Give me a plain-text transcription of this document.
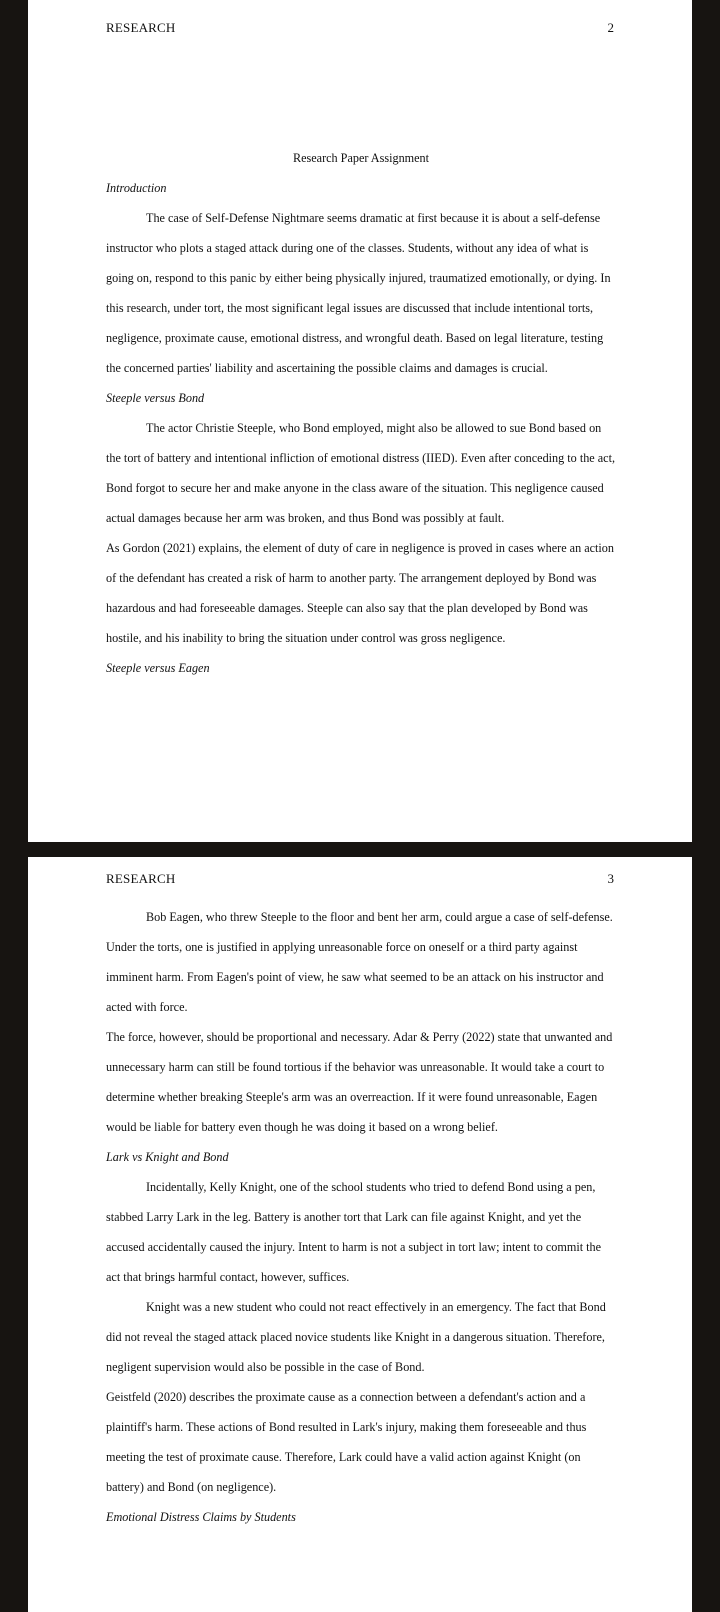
RESEARCH	2

Research Paper Assignment

Introduction

The case of Self-Defense Nightmare seems dramatic at first because it is about a self-defense instructor who plots a staged attack during one of the classes. Students, without any idea of what is going on, respond to this panic by either being physically injured, traumatized emotionally, or dying. In this research, under tort, the most significant legal issues are discussed that include intentional torts, negligence, proximate cause, emotional distress, and wrongful death. Based on legal literature, testing the concerned parties' liability and ascertaining the possible claims and damages is crucial.

Steeple versus Bond

The actor Christie Steeple, who Bond employed, might also be allowed to sue Bond based on the tort of battery and intentional infliction of emotional distress (IIED). Even after conceding to the act, Bond forgot to secure her and make anyone in the class aware of the situation. This negligence caused actual damages because her arm was broken, and thus Bond was possibly at fault.

As Gordon (2021) explains, the element of duty of care in negligence is proved in cases where an action of the defendant has created a risk of harm to another party. The arrangement deployed by Bond was hazardous and had foreseeable damages. Steeple can also say that the plan developed by Bond was hostile, and his inability to bring the situation under control was gross negligence.

Steeple versus Eagen

RESEARCH	3

Bob Eagen, who threw Steeple to the floor and bent her arm, could argue a case of self-defense. Under the torts, one is justified in applying unreasonable force on oneself or a third party against imminent harm. From Eagen's point of view, he saw what seemed to be an attack on his instructor and acted with force.

The force, however, should be proportional and necessary. Adar & Perry (2022) state that unwanted and unnecessary harm can still be found tortious if the behavior was unreasonable. It would take a court to determine whether breaking Steeple's arm was an overreaction. If it were found unreasonable, Eagen would be liable for battery even though he was doing it based on a wrong belief.

Lark vs Knight and Bond

Incidentally, Kelly Knight, one of the school students who tried to defend Bond using a pen, stabbed Larry Lark in the leg. Battery is another tort that Lark can file against Knight, and yet the accused accidentally caused the injury. Intent to harm is not a subject in tort law; intent to commit the act that brings harmful contact, however, suffices.

Knight was a new student who could not react effectively in an emergency. The fact that Bond did not reveal the staged attack placed novice students like Knight in a dangerous situation. Therefore, negligent supervision would also be possible in the case of Bond.

Geistfeld (2020) describes the proximate cause as a connection between a defendant's action and a plaintiff's harm. These actions of Bond resulted in Lark's injury, making them foreseeable and thus meeting the test of proximate cause. Therefore, Lark could have a valid action against Knight (on battery) and Bond (on negligence).

Emotional Distress Claims by Students
